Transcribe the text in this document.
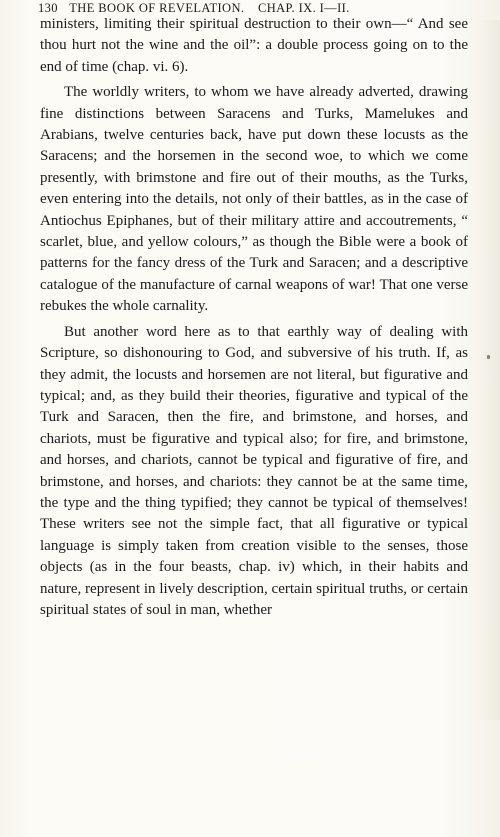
130 THE BOOK OF REVELATION. CHAP. IX. I—II.

ministers, limiting their spiritual destruction to their own—“ And see thou hurt not the wine and the oil”: a double process going on to the end of time (chap. vi. 6).

The worldly writers, to whom we have already adverted, drawing fine distinctions between Saracens and Turks, Mamelukes and Arabians, twelve centuries back, have put down these locusts as the Saracens; and the horsemen in the second woe, to which we come presently, with brimstone and fire out of their mouths, as the Turks, even entering into the details, not only of their battles, as in the case of Antiochus Epiphanes, but of their military attire and accoutrements, “ scarlet, blue, and yellow colours,” as though the Bible were a book of patterns for the fancy dress of the Turk and Saracen; and a descriptive catalogue of the manufacture of carnal weapons of war! That one verse rebukes the whole carnality.

But another word here as to that earthly way of dealing with Scripture, so dishonouring to God, and subversive of his truth. If, as they admit, the locusts and horsemen are not literal, but figurative and typical; and, as they build their theories, figurative and typical of the Turk and Saracen, then the fire, and brimstone, and horses, and chariots, must be figurative and typical also; for fire, and brimstone, and horses, and chariots, cannot be typical and figurative of fire, and brimstone, and horses, and chariots: they cannot be at the same time, the type and the thing typified; they cannot be typical of themselves! These writers see not the simple fact, that all figurative or typical language is simply taken from creation visible to the senses, those objects (as in the four beasts, chap. iv) which, in their habits and nature, represent in lively description, certain spiritual truths, or certain spiritual states of soul in man, whether
